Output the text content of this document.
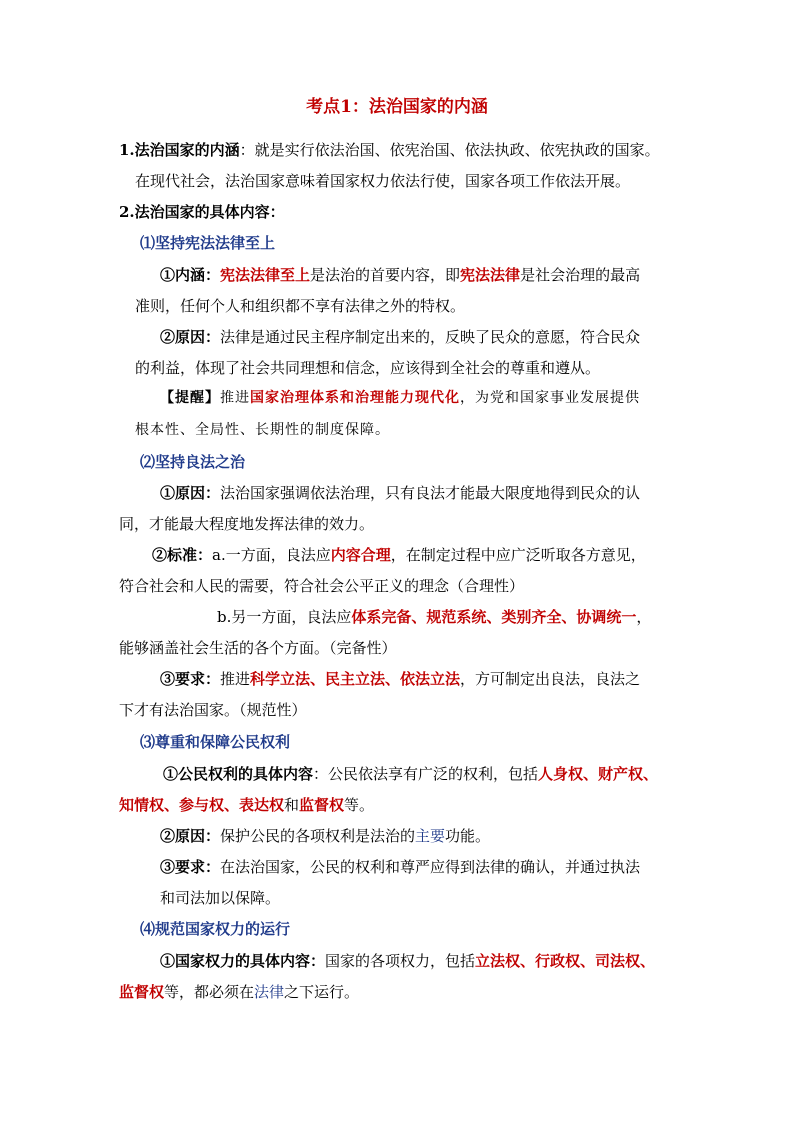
考点1：法治国家的内涵
1.法治国家的内涵：就是实行依法治国、依宪治国、依法执政、依宪执政的国家。
在现代社会，法治国家意味着国家权力依法行使，国家各项工作依法开展。
2.法治国家的具体内容：
⑴坚持宪法法律至上
①内涵：宪法法律至上是法治的首要内容，即宪法法律是社会治理的最高
准则，任何个人和组织都不享有法律之外的特权。
②原因：法律是通过民主程序制定出来的，反映了民众的意愿，符合民众
的利益，体现了社会共同理想和信念，应该得到全社会的尊重和遵从。
【提醒】推进国家治理体系和治理能力现代化，为党和国家事业发展提供
根本性、全局性、长期性的制度保障。
⑵坚持良法之治
①原因：法治国家强调依法治理，只有良法才能最大限度地得到民众的认
同，才能最大程度地发挥法律的效力。
②标准：a.一方面，良法应内容合理，在制定过程中应广泛听取各方意见，
符合社会和人民的需要，符合社会公平正义的理念（合理性）
b.另一方面，良法应体系完备、规范系统、类别齐全、协调统一，
能够涵盖社会生活的各个方面。（完备性）
③要求：推进科学立法、民主立法、依法立法，方可制定出良法，良法之
下才有法治国家。（规范性）
⑶尊重和保障公民权利
①公民权利的具体内容：公民依法享有广泛的权利，包括人身权、财产权、
知情权、参与权、表达权和监督权等。
②原因：保护公民的各项权利是法治的主要功能。
③要求：在法治国家，公民的权利和尊严应得到法律的确认，并通过执法
和司法加以保障。
⑷规范国家权力的运行
①国家权力的具体内容：国家的各项权力，包括立法权、行政权、司法权、
监督权等，都必须在法律之下运行。
